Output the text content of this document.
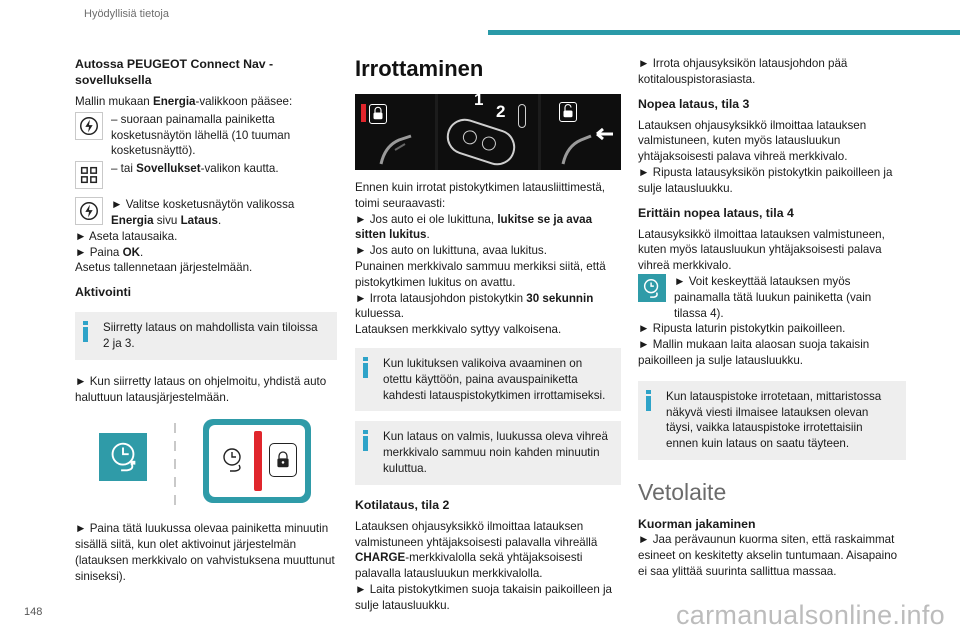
Hyödyllisiä tietoja
Autossa PEUGEOT Connect Nav -sovelluksella

Mallin mukaan Energia-valikkoon pääsee:

– suoraan painamalla painiketta kosketusnäytön lähellä (10 tuuman kosketusnäyttö).
– tai Sovellukset-valikon kautta.
► Valitse kosketusnäytön valikossa Energia sivu Lataus.

► Aseta latausaika.

► Paina OK.

Asetus tallennetaan järjestelmään.

Aktivointi
Siirretty lataus on mahdollista vain tiloissa 2 ja 3.

► Kun siirretty lataus on ohjelmoitu, yhdistä auto haluttuun latausjärjestelmään.

► Paina tätä luukussa olevaa painiketta minuutin sisällä siitä, kun olet aktivoinut järjestelmän (latauksen merkkivalo on vahvistuksena muuttunut siniseksi).

Irrottaminen
1
2

Ennen kuin irrotat pistokytkimen latausliittimestä, toimi seuraavasti:

► Jos auto ei ole lukittuna, lukitse se ja avaa sitten lukitus.

► Jos auto on lukittuna, avaa lukitus.

Punainen merkkivalo sammuu merkiksi siitä, että pistokytkimen lukitus on avattu.

► Irrota latausjohdon pistokytkin 30 sekunnin kuluessa.

Latauksen merkkivalo syttyy valkoisena.

Kun lukituksen valikoiva avaaminen on otettu käyttöön, paina avauspainiketta kahdesti latauspistokytkimen irrottamiseksi.
Kun lataus on valmis, luukussa oleva vihreä merkkivalo sammuu noin kahden minuutin kuluttua.
Kotilataus, tila 2

Latauksen ohjausyksikkö ilmoittaa latauksen valmistuneen yhtäjaksoisesti palavalla vihreällä CHARGE-merkkivalolla sekä yhtäjaksoisesti palavalla latausluukun merkkivalolla.

► Laita pistokytkimen suoja takaisin paikoilleen ja sulje latausluukku.

► Irrota ohjausyksikön latausjohdon pää kotitalouspistorasiasta.

Nopea lataus, tila 3

Latauksen ohjausyksikkö ilmoittaa latauksen valmistuneen, kuten myös latausluukun yhtäjaksoisesti palava vihreä merkkivalo.

► Ripusta latausyksikön pistokytkin paikoilleen ja sulje latausluukku.

Erittäin nopea lataus, tila 4

Latausyksikkö ilmoittaa latauksen valmistuneen, kuten myös latausluukun yhtäjaksoisesti palava vihreä merkkivalo.

► Voit keskeyttää latauksen myös painamalla tätä luukun painiketta (vain tilassa 4).

► Ripusta laturin pistokytkin paikoilleen.

► Mallin mukaan laita alaosan suoja takaisin paikoilleen ja sulje latausluukku.

Kun latauspistoke irrotetaan, mittaristossa näkyvä viesti ilmaisee latauksen olevan täysi, vaikka latauspistoke irrotettaisiin ennen kuin lataus on saatu täyteen.
Vetolaite
Kuorman jakaminen

► Jaa perävaunun kuorma siten, että raskaimmat esineet on keskitetty akselin tuntumaan. Aisapaino ei saa ylittää suurinta sallittua massaa.

148	carmanualsonline.info
